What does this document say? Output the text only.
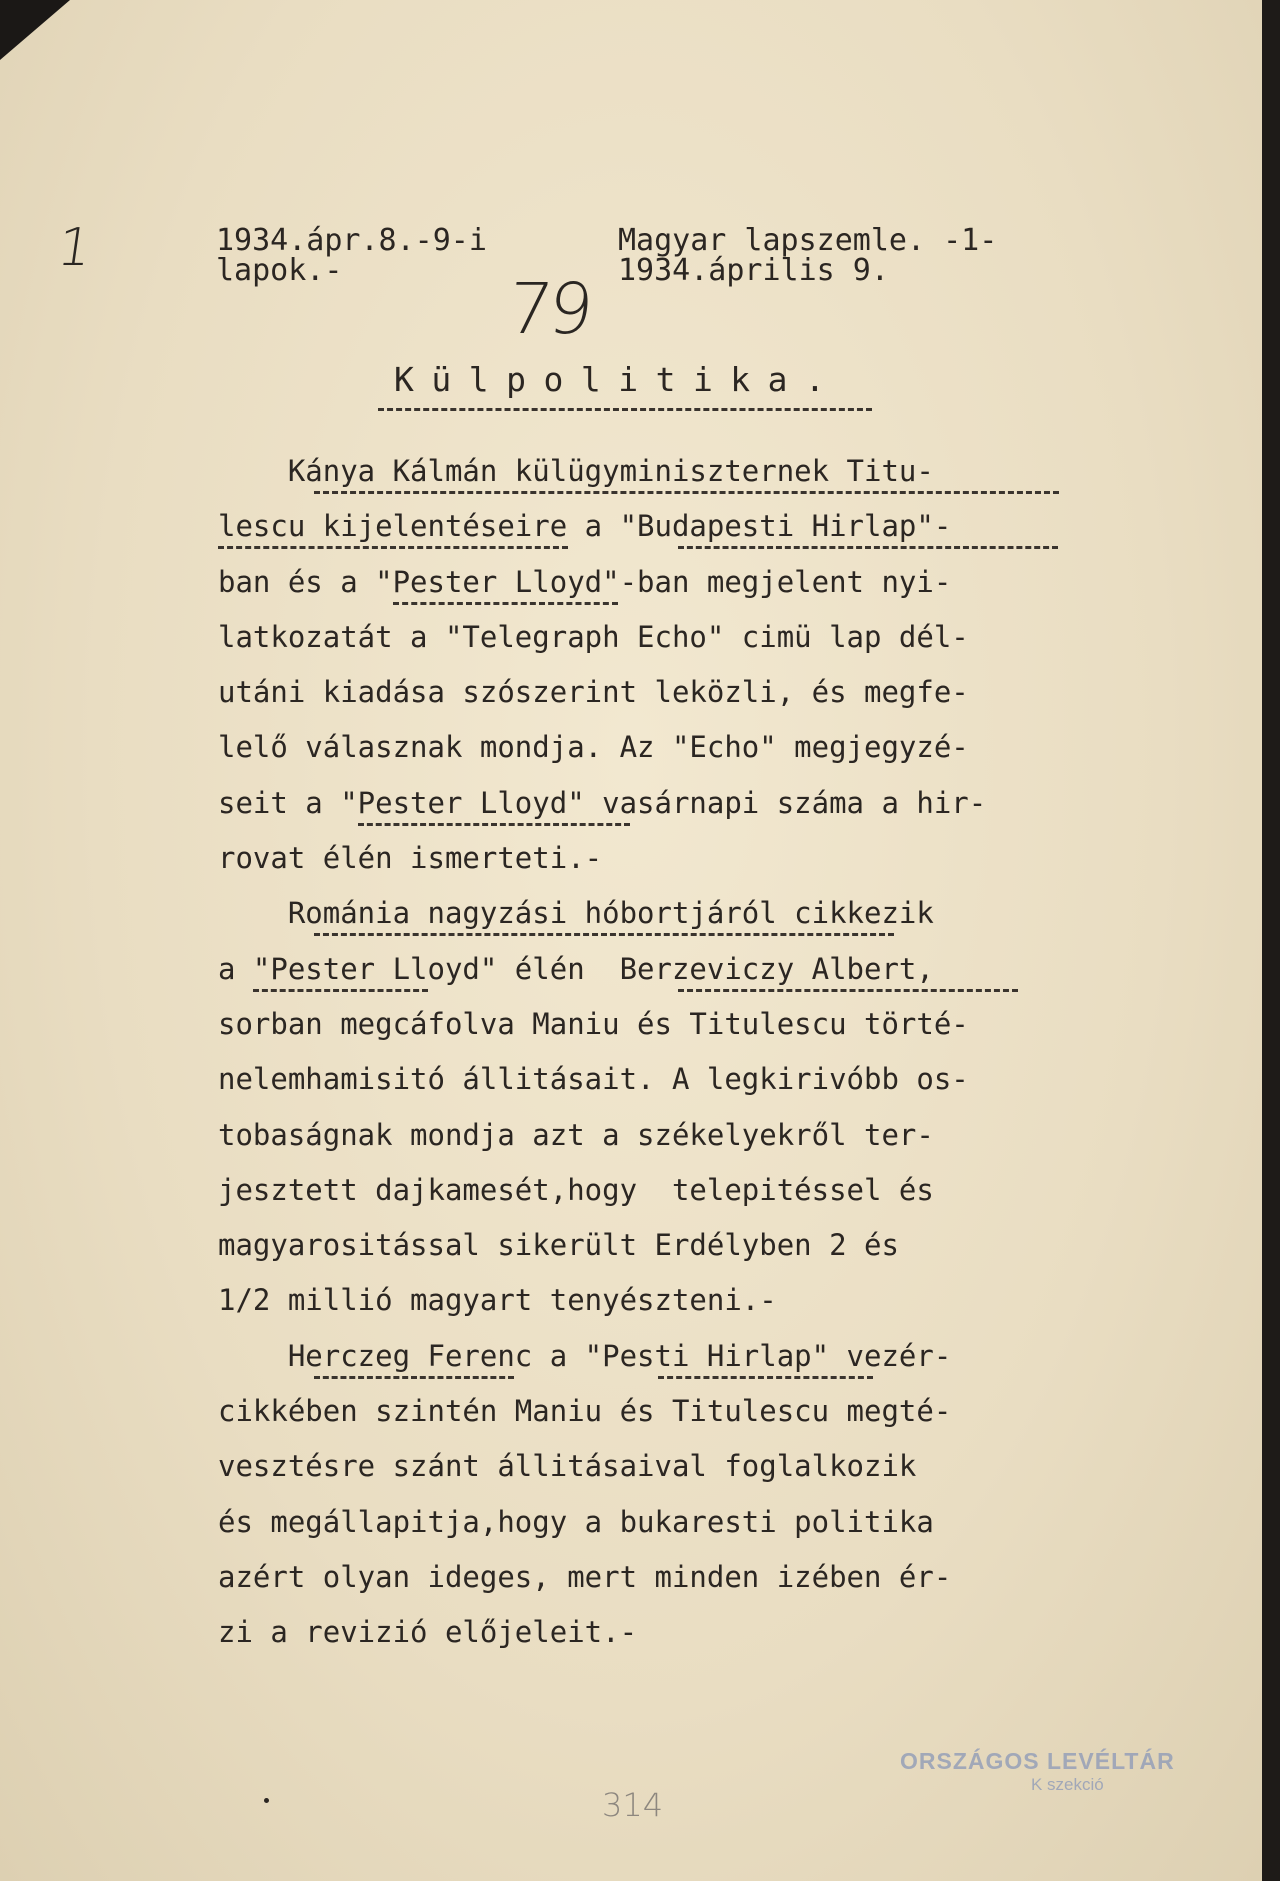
1	1934.ápr.8.-9-i
lapok.-
Magyar lapszemle. -1-
1934.április 9.
79
Külpolitika.
Kánya Kálmán külügyminiszternek Titu-
lescu kijelentéseire a "Budapesti Hirlap"-
ban és a "Pester Lloyd"-ban megjelent nyi-
latkozatát a "Telegraph Echo" cimü lap dél-
utáni kiadása szószerint leközli, és megfe-
lelő válasznak mondja. Az "Echo" megjegyzé-
seit a "Pester Lloyd" vasárnapi száma a hir-
rovat élén ismerteti.-
Románia nagyzási hóbortjáról cikkezik
a "Pester Lloyd" élén  Berzeviczy Albert,
sorban megcáfolva Maniu és Titulescu törté-
nelemhamisitó állitásait. A legkirivóbb os-
tobaságnak mondja azt a székelyekről ter-
jesztett dajkamesét,hogy  telepitéssel és
magyarositással sikerült Erdélyben 2 és
1/2 millió magyart tenyészteni.-
Herczeg Ferenc a "Pesti Hirlap" vezér-
cikkében szintén Maniu és Titulescu megté-
vesztésre szánt állitásaival foglalkozik
és megállapitja,hogy a bukaresti politika
azért olyan ideges, mert minden izében ér-
zi a revizió előjeleit.-
ORSZÁGOS LEVÉLTÁR
K szekció
314
